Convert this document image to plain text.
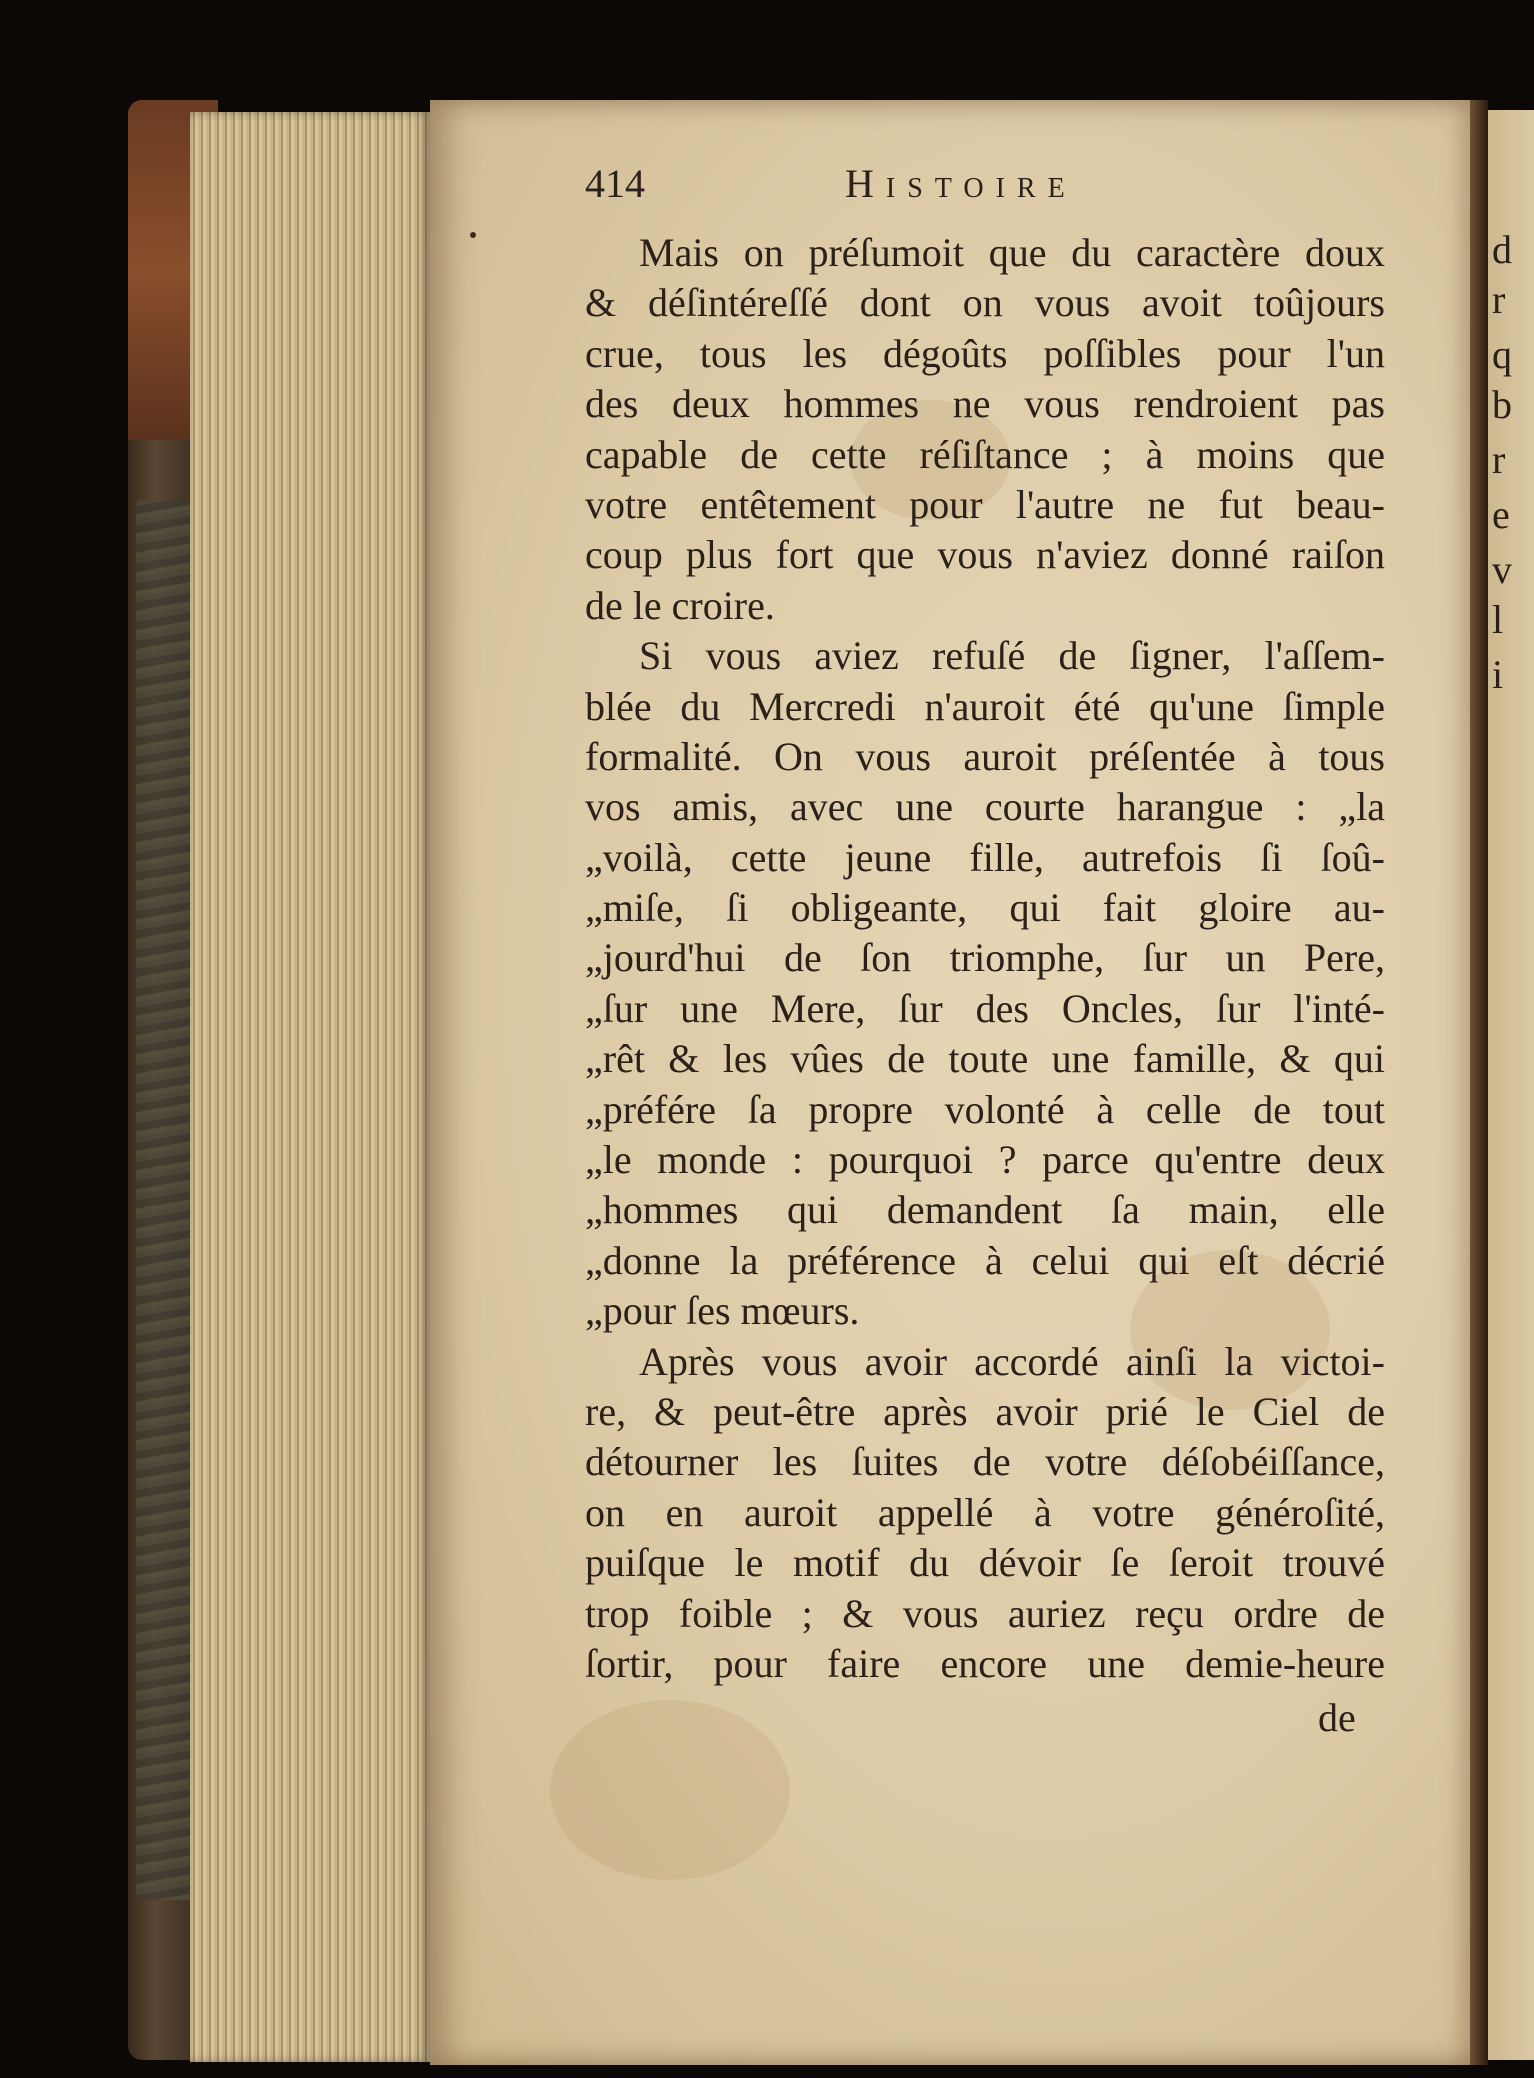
d
r
q
b
r
e
v
l
i
414	Histoire
Mais on préſumoit que du caractère doux
& déſintéreſſé dont on vous avoit toûjours
crue, tous les dégoûts poſſibles pour l'un
des deux hommes ne vous rendroient pas
capable de cette réſiſtance ; à moins que
votre entêtement pour l'autre ne fut beau-
coup plus fort que vous n'aviez donné raiſon
de le croire.
Si vous aviez refuſé de ſigner, l'aſſem-
blée du Mercredi n'auroit été qu'une ſimple
formalité. On vous auroit préſentée à tous
vos amis, avec une courte harangue : „la
„voilà, cette jeune fille, autrefois ſi ſoû-
„miſe, ſi obligeante, qui fait gloire au-
„jourd'hui de ſon triomphe, ſur un Pere,
„ſur une Mere, ſur des Oncles, ſur l'inté-
„rêt & les vûes de toute une famille, & qui
„préfére ſa propre volonté à celle de tout
„le monde : pourquoi ? parce qu'entre deux
„hommes qui demandent ſa main, elle
„donne la préférence à celui qui eſt décrié
„pour ſes mœurs.
Après vous avoir accordé ainſi la victoi-
re, & peut-être après avoir prié le Ciel de
détourner les ſuites de votre déſobéiſſance,
on en auroit appellé à votre généroſité,
puiſque le motif du dévoir ſe ſeroit trouvé
trop foible ; & vous auriez reçu ordre de
ſortir, pour faire encore une demie-heure
de
